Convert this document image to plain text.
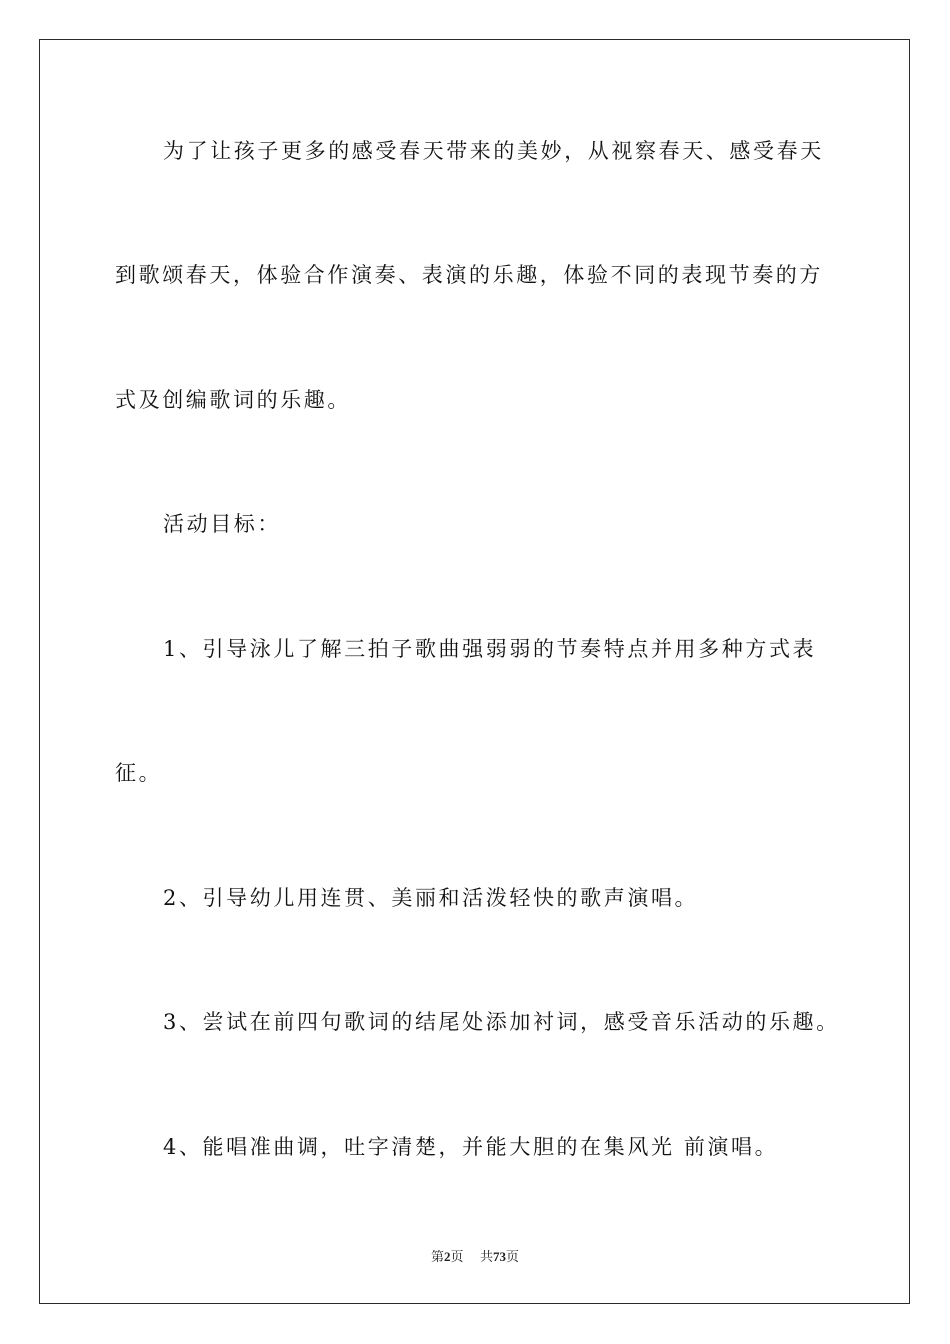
为了让孩子更多的感受春天带来的美妙，从视察春天、感受春天
到歌颂春天，体验合作演奏、表演的乐趣，体验不同的表现节奏的方
式及创编歌词的乐趣。
活动目标：
1、引导泳儿了解三拍子歌曲强弱弱的节奏特点并用多种方式表
征。
2、引导幼儿用连贯、美丽和活泼轻快的歌声演唱。
3、尝试在前四句歌词的结尾处添加衬词，感受音乐活动的乐趣。
4、能唱准曲调，吐字清楚，并能大胆的在集风光 前演唱。
第2页 共73页
